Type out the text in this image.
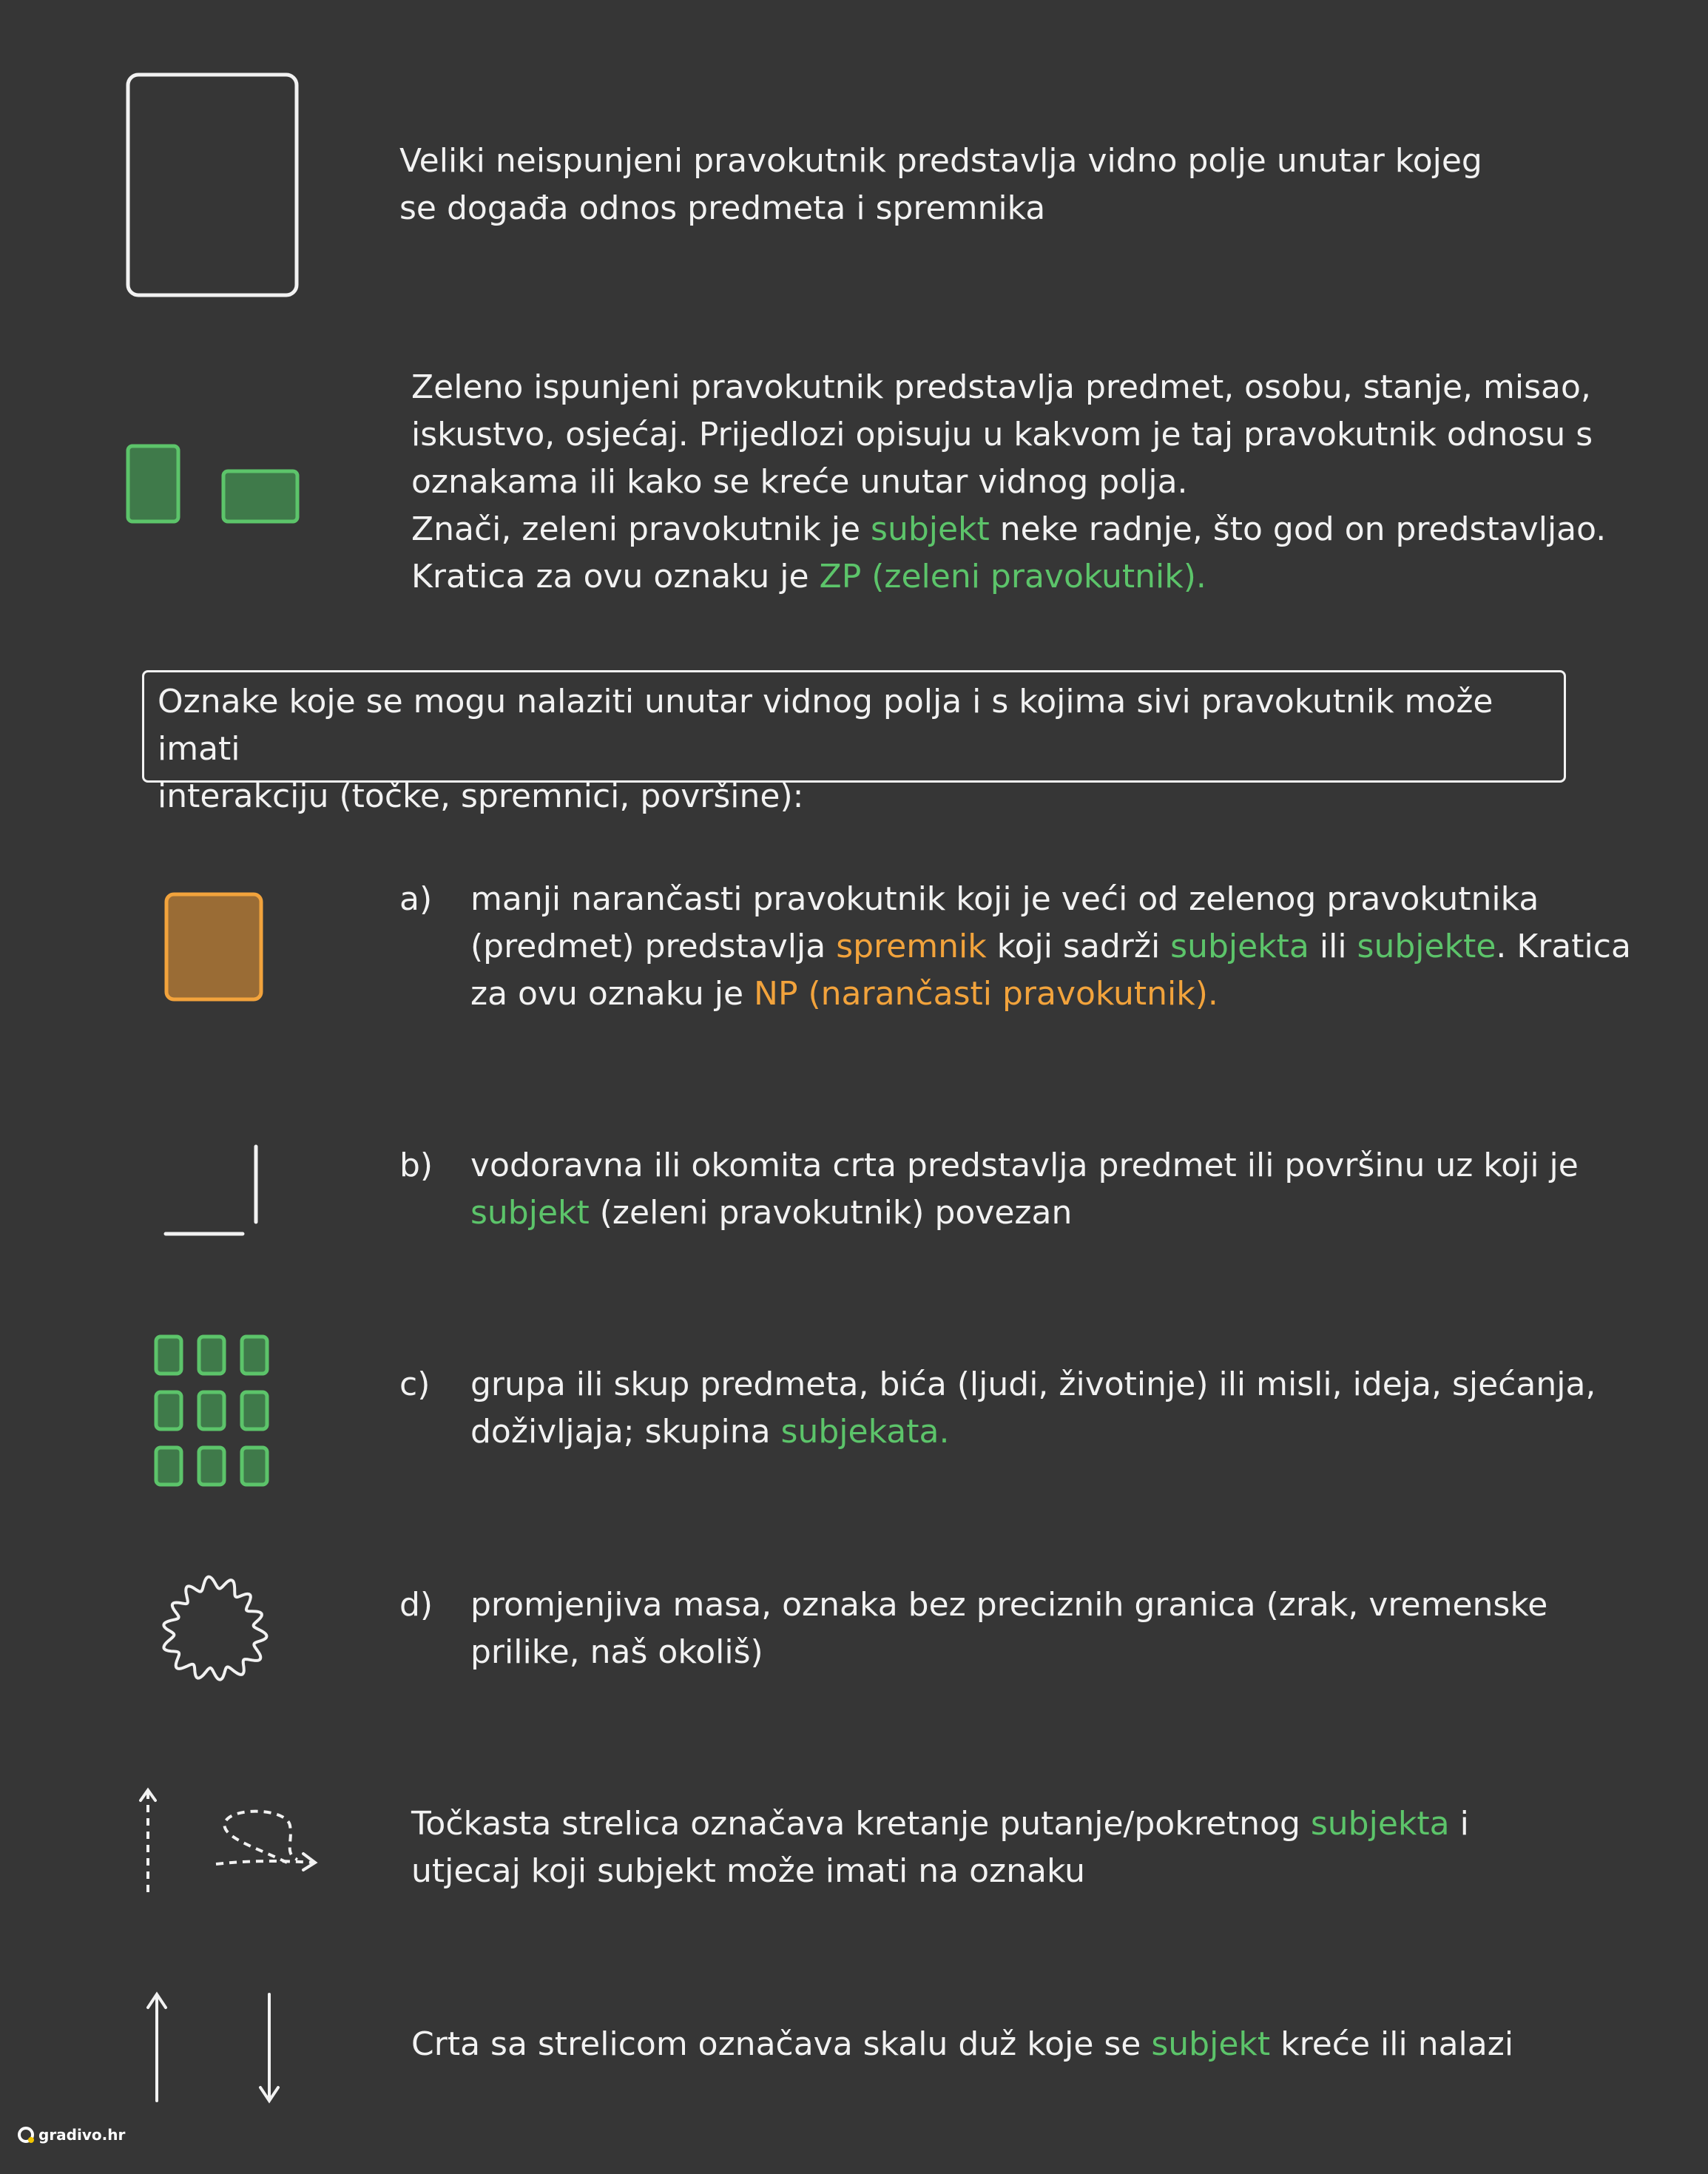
Veliki neispunjeni pravokutnik predstavlja vidno polje unutar kojeg
se događa odnos predmeta i spremnika
Zeleno ispunjeni pravokutnik predstavlja predmet, osobu, stanje, misao,
iskustvo, osjećaj. Prijedlozi opisuju u kakvom je taj pravokutnik odnosu s
oznakama ili kako se kreće unutar vidnog polja.
Znači, zeleni pravokutnik je subjekt neke radnje, što god on predstavljao.
Kratica za ovu oznaku je ZP (zeleni pravokutnik).
Oznake koje se mogu nalaziti unutar vidnog polja i s kojima sivi pravokutnik može imati
interakciju (točke, spremnici, površine):
a) manji narančasti pravokutnik koji je veći od zelenog pravokutnika
(predmet) predstavlja spremnik koji sadrži subjekta ili subjekte. Kratica
za ovu oznaku je NP (narančasti pravokutnik).
b) vodoravna ili okomita crta predstavlja predmet ili površinu uz koji je
subjekt (zeleni pravokutnik) povezan
c) grupa ili skup predmeta, bića (ljudi, životinje) ili misli, ideja, sjećanja,
doživljaja; skupina subjekata.
d) promjenjiva masa, oznaka bez preciznih granica (zrak, vremenske
prilike, naš okoliš)
Točkasta strelica označava kretanje putanje/pokretnog subjekta i
utjecaj koji subjekt može imati na oznaku
Crta sa strelicom označava skalu duž koje se subjekt kreće ili nalazi
gradivo.hr
